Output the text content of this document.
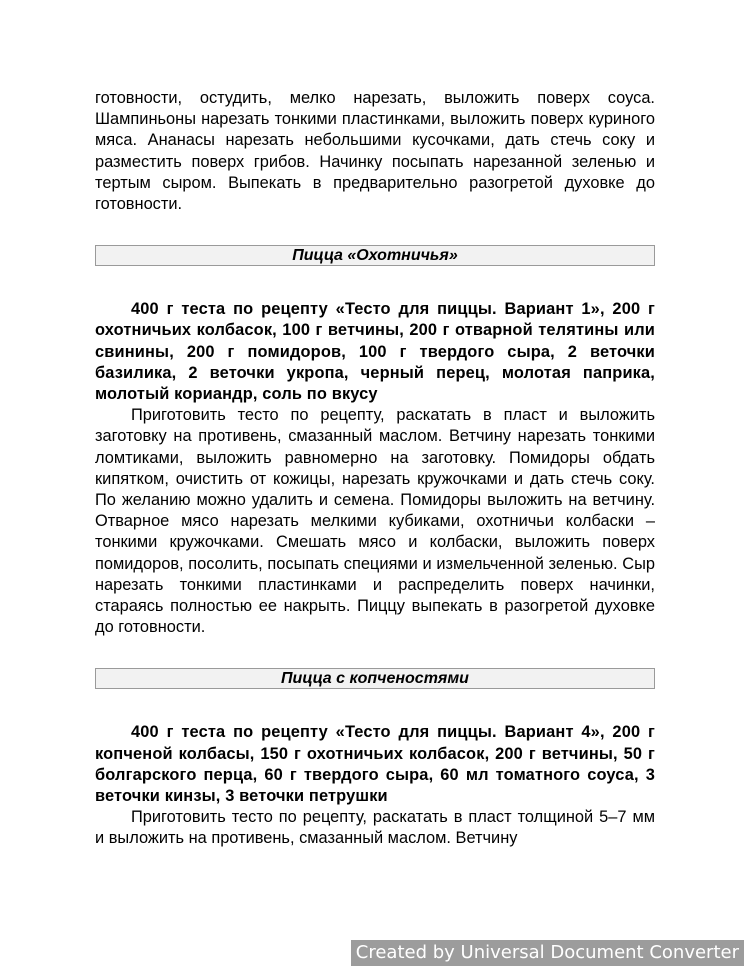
готовности, остудить, мелко нарезать, выложить поверх соуса. Шампиньоны нарезать тонкими пластинками, выложить поверх куриного мяса. Ананасы нарезать небольшими кусочками, дать стечь соку и разместить поверх грибов. Начинку посыпать нарезанной зеленью и тертым сыром. Выпекать в предварительно разогретой духовке до готовности.

Пицца «Охотничья»

400 г теста по рецепту «Тесто для пиццы. Вариант 1», 200 г охотничьих колбасок, 100 г ветчины, 200 г отварной телятины или свинины, 200 г помидоров, 100 г твердого сыра, 2 веточки базилика, 2 веточки укропа, черный перец, молотая паприка, молотый кориандр, соль по вкусу

Приготовить тесто по рецепту, раскатать в пласт и выложить заготовку на противень, смазанный маслом. Ветчину нарезать тонкими ломтиками, выложить равномерно на заготовку. Помидоры обдать кипятком, очистить от кожицы, нарезать кружочками и дать стечь соку. По желанию можно удалить и семена. Помидоры выложить на ветчину. Отварное мясо нарезать мелкими кубиками, охотничьи колбаски – тонкими кружочками. Смешать мясо и колбаски, выложить поверх помидоров, посолить, посыпать специями и измельченной зеленью. Сыр нарезать тонкими пластинками и распределить поверх начинки, стараясь полностью ее накрыть. Пиццу выпекать в разогретой духовке до готовности.

Пицца с копченостями

400 г теста по рецепту «Тесто для пиццы. Вариант 4», 200 г копченой колбасы, 150 г охотничьих колбасок, 200 г ветчины, 50 г болгарского перца, 60 г твердого сыра, 60 мл томатного соуса, 3 веточки кинзы, 3 веточки петрушки

Приготовить тесто по рецепту, раскатать в пласт толщиной 5–7 мм и выложить на противень, смазанный маслом. Ветчину

Created by Universal Document Converter
